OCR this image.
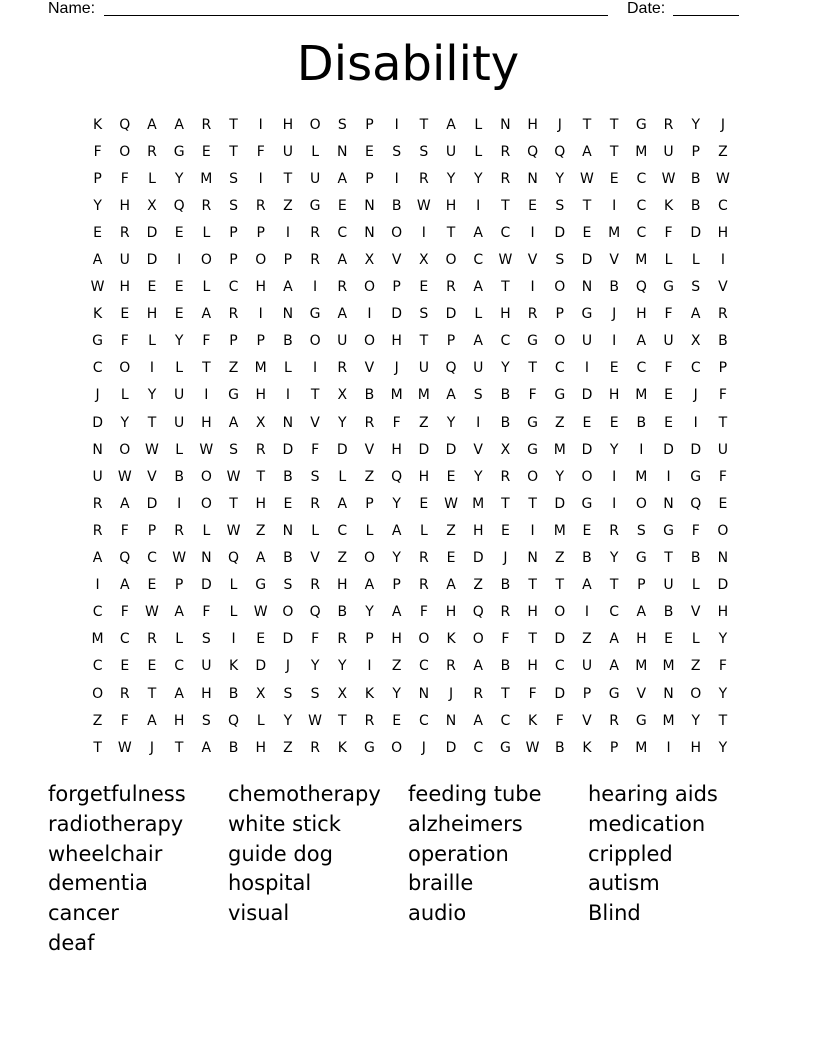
Name:	Date:
Disability
K	Q	A	A	R	T	I	H	O	S	P	I	T	A	L	N	H	J	T	T	G	R	Y	J
F	O	R	G	E	T	F	U	L	N	E	S	S	U	L	R	Q	Q	A	T	M	U	P	Z
P	F	L	Y	M	S	I	T	U	A	P	I	R	Y	Y	R	N	Y	W	E	C	W	B	W
Y	H	X	Q	R	S	R	Z	G	E	N	B	W	H	I	T	E	S	T	I	C	K	B	C
E	R	D	E	L	P	P	I	R	C	N	O	I	T	A	C	I	D	E	M	C	F	D	H
A	U	D	I	O	P	O	P	R	A	X	V	X	O	C	W	V	S	D	V	M	L	L	I
W	H	E	E	L	C	H	A	I	R	O	P	E	R	A	T	I	O	N	B	Q	G	S	V
K	E	H	E	A	R	I	N	G	A	I	D	S	D	L	H	R	P	G	J	H	F	A	R
G	F	L	Y	F	P	P	B	O	U	O	H	T	P	A	C	G	O	U	I	A	U	X	B
C	O	I	L	T	Z	M	L	I	R	V	J	U	Q	U	Y	T	C	I	E	C	F	C	P
J	L	Y	U	I	G	H	I	T	X	B	M	M	A	S	B	F	G	D	H	M	E	J	F
D	Y	T	U	H	A	X	N	V	Y	R	F	Z	Y	I	B	G	Z	E	E	B	E	I	T
N	O	W	L	W	S	R	D	F	D	V	H	D	D	V	X	G	M	D	Y	I	D	D	U
U	W	V	B	O	W	T	B	S	L	Z	Q	H	E	Y	R	O	Y	O	I	M	I	G	F
R	A	D	I	O	T	H	E	R	A	P	Y	E	W	M	T	T	D	G	I	O	N	Q	E
R	F	P	R	L	W	Z	N	L	C	L	A	L	Z	H	E	I	M	E	R	S	G	F	O
A	Q	C	W	N	Q	A	B	V	Z	O	Y	R	E	D	J	N	Z	B	Y	G	T	B	N
I	A	E	P	D	L	G	S	R	H	A	P	R	A	Z	B	T	T	A	T	P	U	L	D
C	F	W	A	F	L	W	O	Q	B	Y	A	F	H	Q	R	H	O	I	C	A	B	V	H
M	C	R	L	S	I	E	D	F	R	P	H	O	K	O	F	T	D	Z	A	H	E	L	Y
C	E	E	C	U	K	D	J	Y	Y	I	Z	C	R	A	B	H	C	U	A	M	M	Z	F
O	R	T	A	H	B	X	S	S	X	K	Y	N	J	R	T	F	D	P	G	V	N	O	Y
Z	F	A	H	S	Q	L	Y	W	T	R	E	C	N	A	C	K	F	V	R	G	M	Y	T
T	W	J	T	A	B	H	Z	R	K	G	O	J	D	C	G	W	B	K	P	M	I	H	Y
forgetfulness	chemotherapy	feeding tube	hearing aids
radiotherapy	white stick	alzheimers	medication
wheelchair	guide dog	operation	crippled
dementia	hospital	braille	autism
cancer	visual	audio	Blind
deaf
